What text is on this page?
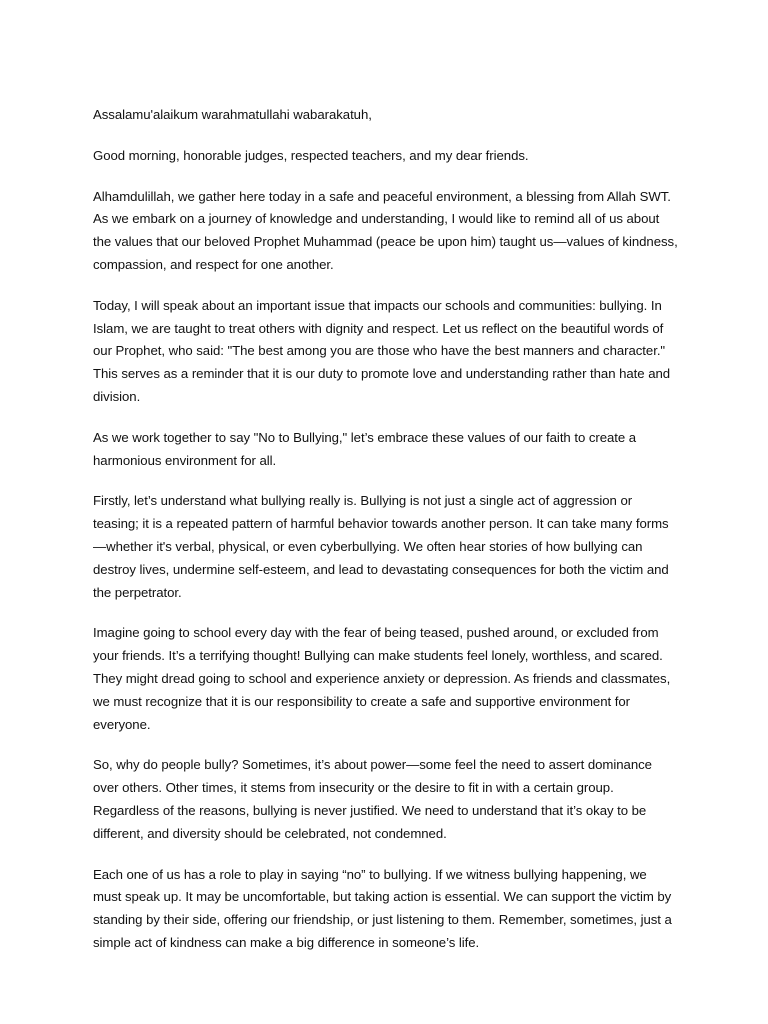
Assalamu'alaikum warahmatullahi wabarakatuh,

Good morning, honorable judges, respected teachers, and my dear friends.

Alhamdulillah, we gather here today in a safe and peaceful environment, a blessing from Allah SWT. As we embark on a journey of knowledge and understanding, I would like to remind all of us about the values that our beloved Prophet Muhammad (peace be upon him) taught us—values of kindness, compassion, and respect for one another.

Today, I will speak about an important issue that impacts our schools and communities: bullying. In Islam, we are taught to treat others with dignity and respect. Let us reflect on the beautiful words of our Prophet, who said: "The best among you are those who have the best manners and character." This serves as a reminder that it is our duty to promote love and understanding rather than hate and division.

As we work together to say "No to Bullying," let’s embrace these values of our faith to create a harmonious environment for all.

Firstly, let’s understand what bullying really is. Bullying is not just a single act of aggression or teasing; it is a repeated pattern of harmful behavior towards another person. It can take many forms—whether it's verbal, physical, or even cyberbullying. We often hear stories of how bullying can destroy lives, undermine self-esteem, and lead to devastating consequences for both the victim and the perpetrator.

Imagine going to school every day with the fear of being teased, pushed around, or excluded from your friends. It’s a terrifying thought! Bullying can make students feel lonely, worthless, and scared. They might dread going to school and experience anxiety or depression. As friends and classmates, we must recognize that it is our responsibility to create a safe and supportive environment for everyone.

So, why do people bully? Sometimes, it’s about power—some feel the need to assert dominance over others. Other times, it stems from insecurity or the desire to fit in with a certain group. Regardless of the reasons, bullying is never justified. We need to understand that it’s okay to be different, and diversity should be celebrated, not condemned.

Each one of us has a role to play in saying “no” to bullying. If we witness bullying happening, we must speak up. It may be uncomfortable, but taking action is essential. We can support the victim by standing by their side, offering our friendship, or just listening to them. Remember, sometimes, just a simple act of kindness can make a big difference in someone’s life.
